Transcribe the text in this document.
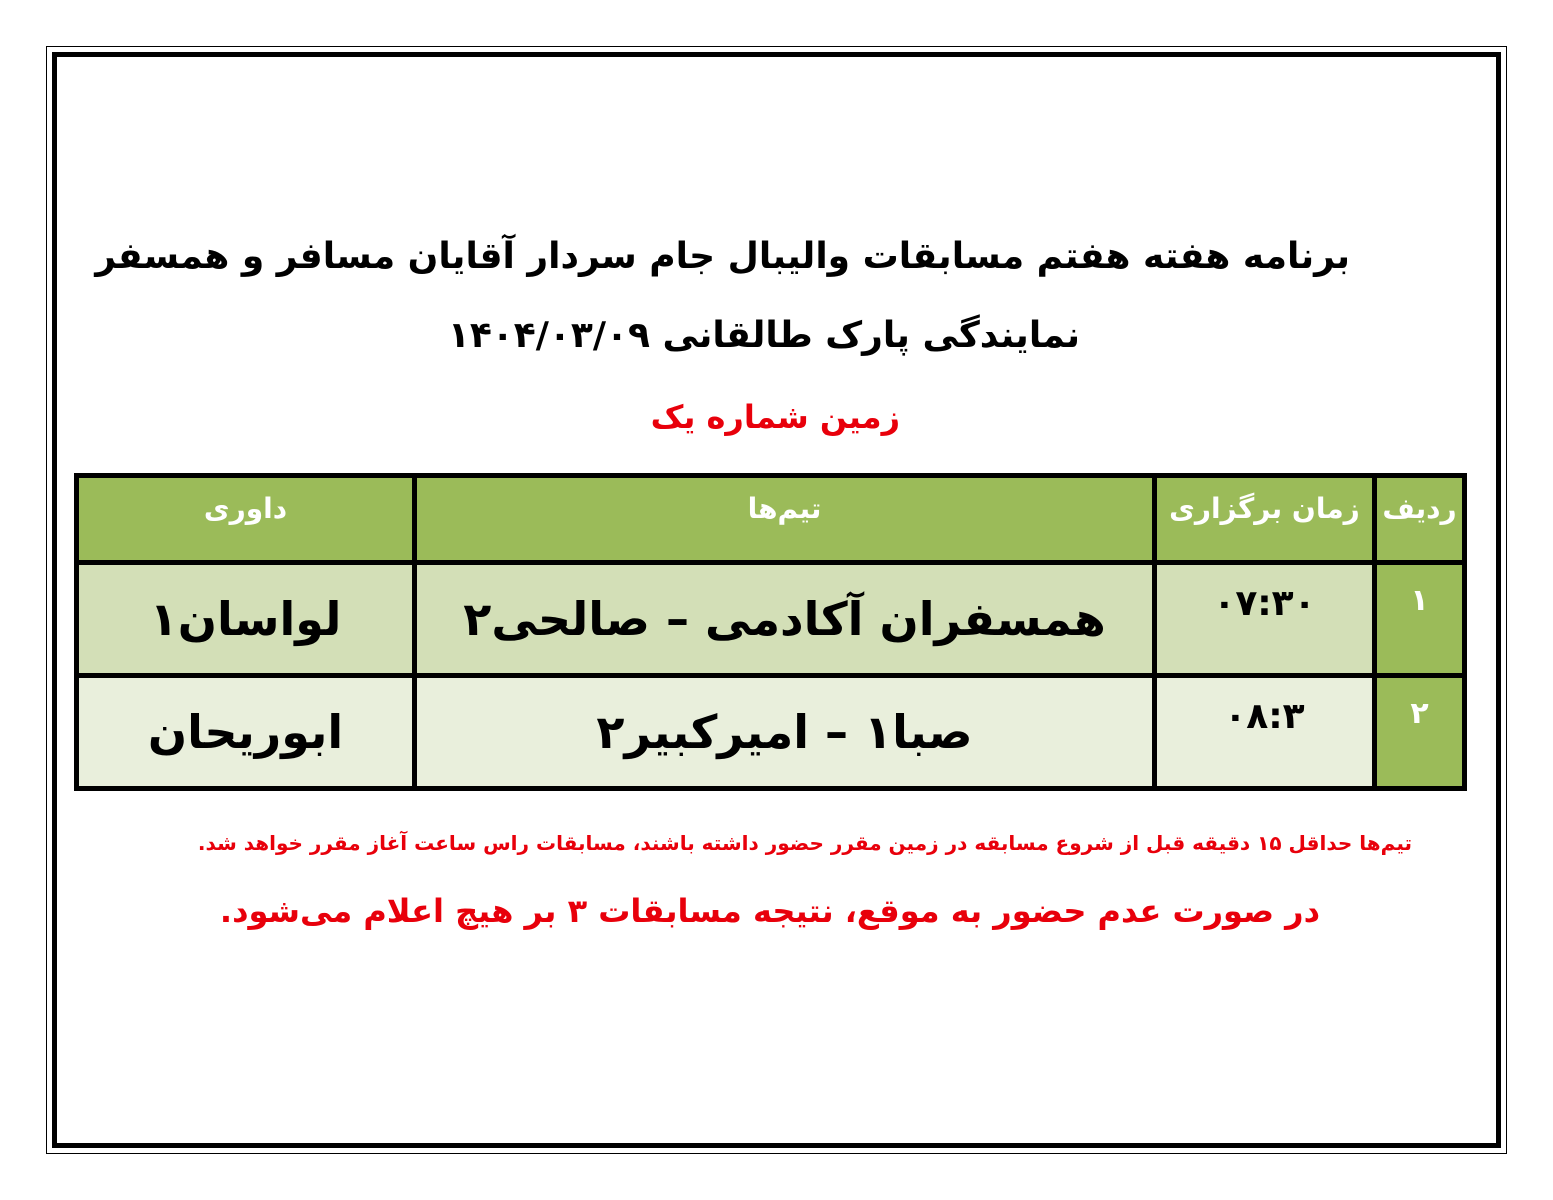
برنامه هفته هفتم مسابقات والیبال جام سردار آقایان مسافر و همسفر
نمایندگی پارک طالقانی ۱۴۰۴/۰۳/۰۹
زمین شماره یک
ردیف	زمان برگزاری	تیم‌ها	داوری
۱	۰۷:۳۰	همسفران آکادمی – صالحی۲	لواسان۱
۲	۰۸:۳	صبا۱ – امیرکبیر۲	ابوریحان
تیم‌ها حداقل ۱۵ دقیقه قبل از شروع مسابقه در زمین مقرر حضور داشته باشند، مسابقات راس ساعت آغاز مقرر خواهد شد.
در صورت عدم حضور به موقع، نتیجه مسابقات ۳ بر هیچ اعلام می‌شود.
